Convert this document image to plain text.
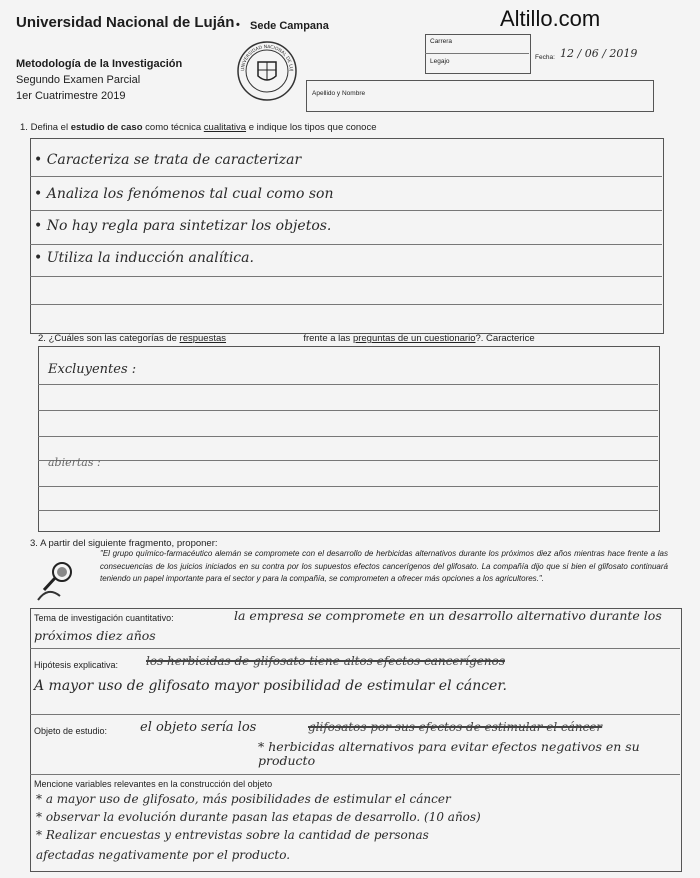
Universidad Nacional de Luján • Sede Campana	Altillo.com
Metodología de la Investigación
Segundo Examen Parcial
1er Cuatrimestre 2019
UNIVERSIDAD NACIONAL DE LUJ
Carrera
Legajo
Fecha: 12 / 06 / 2019
Apellido y Nombre
1. Defina el estudio de caso como técnica cualitativa e indique los tipos que conoce
• Caracteriza se trata de caracterizar
• Analiza los fenómenos tal cual como son
• No hay regla para sintetizar los objetos.
• Utiliza la inducción analítica.
2. ¿Cuáles son las categorías de respuestas	frente a las preguntas de un cuestionario?. Caracterice
Excluyentes :
abiertas :
3. A partir del siguiente fragmento, proponer:
"El grupo químico-farmacéutico alemán se compromete con el desarrollo de herbicidas alternativos durante los próximos diez años mientras hace frente a las consecuencias de los juicios iniciados en su contra por los supuestos efectos cancerígenos del glifosato. La compañía dijo que si bien el glifosato continuará teniendo un papel importante para el sector y para la compañía, se comprometen a ofrecer más opciones a los agricultores.".
Tema de investigación cuantitativo:	la empresa se compromete en un desarrollo alternativo durante los próximos diez años
Hipótesis explicativa: los herbicidas de glifosato tiene altos efectos cancerígenos
A mayor uso de glifosato mayor posibilidad de estimular el cáncer.
Objeto de estudio:	el objeto sería los	glifosatos por sus efectos de estimular el cáncer
* herbicidas alternativos para evitar efectos negativos en su producto
Mencione variables relevantes en la construcción del objeto
* a mayor uso de glifosato, más posibilidades de estimular el cáncer
* observar la evolución durante pasan las etapas de desarrollo. (10 años)
* Realizar encuestas y entrevistas sobre la cantidad de personas
afectadas negativamente por el producto.
